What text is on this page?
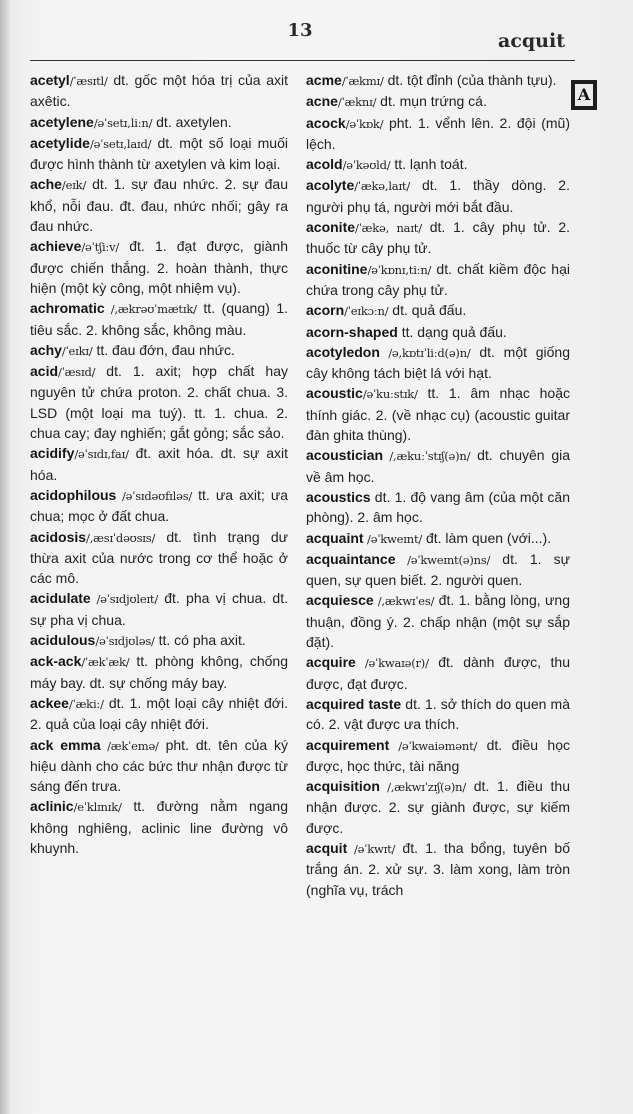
13	acquit
A

acetyl/ˈæsɪtl/ dt. gốc một hóa trị của axit axêtic.

acetylene/əˈsetɪ,liːn/ dt. axetylen.

acetylide/əˈsetɪ,laɪd/ dt. một số loại muối được hình thành từ axetylen và kim loại.

ache/eɪk/ dt. 1. sự đau nhức. 2. sự đau khổ, nỗi đau. đt. đau, nhức nhối; gây ra đau nhức.

achieve/əˈtʃiːv/ đt. 1. đạt được, giành được chiến thắng. 2. hoàn thành, thực hiện (một kỳ công, một nhiệm vụ).

achromatic /,ækrəʊˈmætɪk/ tt. (quang) 1. tiêu sắc. 2. không sắc, không màu.

achy/ˈeɪkɪ/ tt. đau đớn, đau nhức.

acid/ˈæsɪd/ dt. 1. axit; hợp chất hay nguyên tử chứa proton. 2. chất chua. 3. LSD (một loại ma tuý). tt. 1. chua. 2. chua cay; đay nghiến; gắt gỏng; sắc sảo.

acidify/əˈsɪdɪ,faɪ/ đt. axit hóa. dt. sự axit hóa.

acidophilous /əˈsɪdəʊfɪləs/ tt. ưa axit; ưa chua; mọc ở đất chua.

acidosis/,æsɪˈdəʊsɪs/ dt. tình trạng dư thừa axit của nước trong cơ thể hoặc ở các mô.

acidulate /əˈsɪdjʊleɪt/ đt. pha vị chua. dt. sự pha vị chua.

acidulous/əˈsɪdjʊləs/ tt. có pha axit.

ack-ack/ˈækˈæk/ tt. phòng không, chống máy bay. dt. sự chống máy bay.

ackee/ˈækiː/ dt. 1. một loại cây nhiệt đới. 2. quả của loại cây nhiệt đới.

ack emma /ækˈemə/ pht. dt. tên của ký hiệu dành cho các bức thư nhận được từ sáng đến trưa.

aclinic/eˈklɪnɪk/ tt. đường nằm ngang không nghiêng, aclinic line đường vô khuynh.

acme/ˈækmɪ/ dt. tột đỉnh (của thành tựu).

acne/ˈæknɪ/ dt. mụn trứng cá.

acock/əˈkɒk/ pht. 1. vểnh lên. 2. đội (mũ) lệch.

acold/əˈkəʊld/ tt. lạnh toát.

acolyte/ˈækə,laɪt/ dt. 1. thầy dòng. 2. người phụ tá, người mới bắt đầu.

aconite/ˈækə, naɪt/ dt. 1. cây phụ tử. 2. thuốc từ cây phụ tử.

aconitine/əˈkɒnɪ,tiːn/ dt. chất kiềm độc hại chứa trong cây phụ tử.

acorn/ˈeɪkɔːn/ dt. quả đấu.

acorn-shaped tt. dạng quả đấu.

acotyledon /ə,kɒtɪˈliːd(ə)n/ dt. một giống cây không tách biệt lá với hạt.

acoustic/əˈkuːstɪk/ tt. 1. âm nhạc hoặc thính giác. 2. (về nhạc cụ) (acoustic guitar đàn ghita thùng).

acoustician /,ækuːˈstɪʃ(ə)n/ dt. chuyên gia về âm học.

acoustics dt. 1. độ vang âm (của một căn phòng). 2. âm học.

acquaint /əˈkweɪnt/ đt. làm quen (với...).

acquaintance /əˈkweɪnt(ə)ns/ dt. 1. sự quen, sự quen biết. 2. người quen.

acquiesce /,ækwɪˈes/ đt. 1. bằng lòng, ưng thuận, đồng ý. 2. chấp nhận (một sự sắp đặt).

acquire /əˈkwaɪə(r)/ đt. dành được, thu được, đạt được.

acquired taste dt. 1. sở thích do quen mà có. 2. vật được ưa thích.

acquirement /əˈkwaiəmənt/ dt. điều học được, học thức, tài năng

acquisition /,ækwɪˈzɪʃ(ə)n/ dt. 1. điều thu nhận được. 2. sự giành được, sự kiếm được.

acquit /əˈkwɪt/ đt. 1. tha bổng, tuyên bố trắng án. 2. xử sự. 3. làm xong, làm tròn (nghĩa vụ, trách
